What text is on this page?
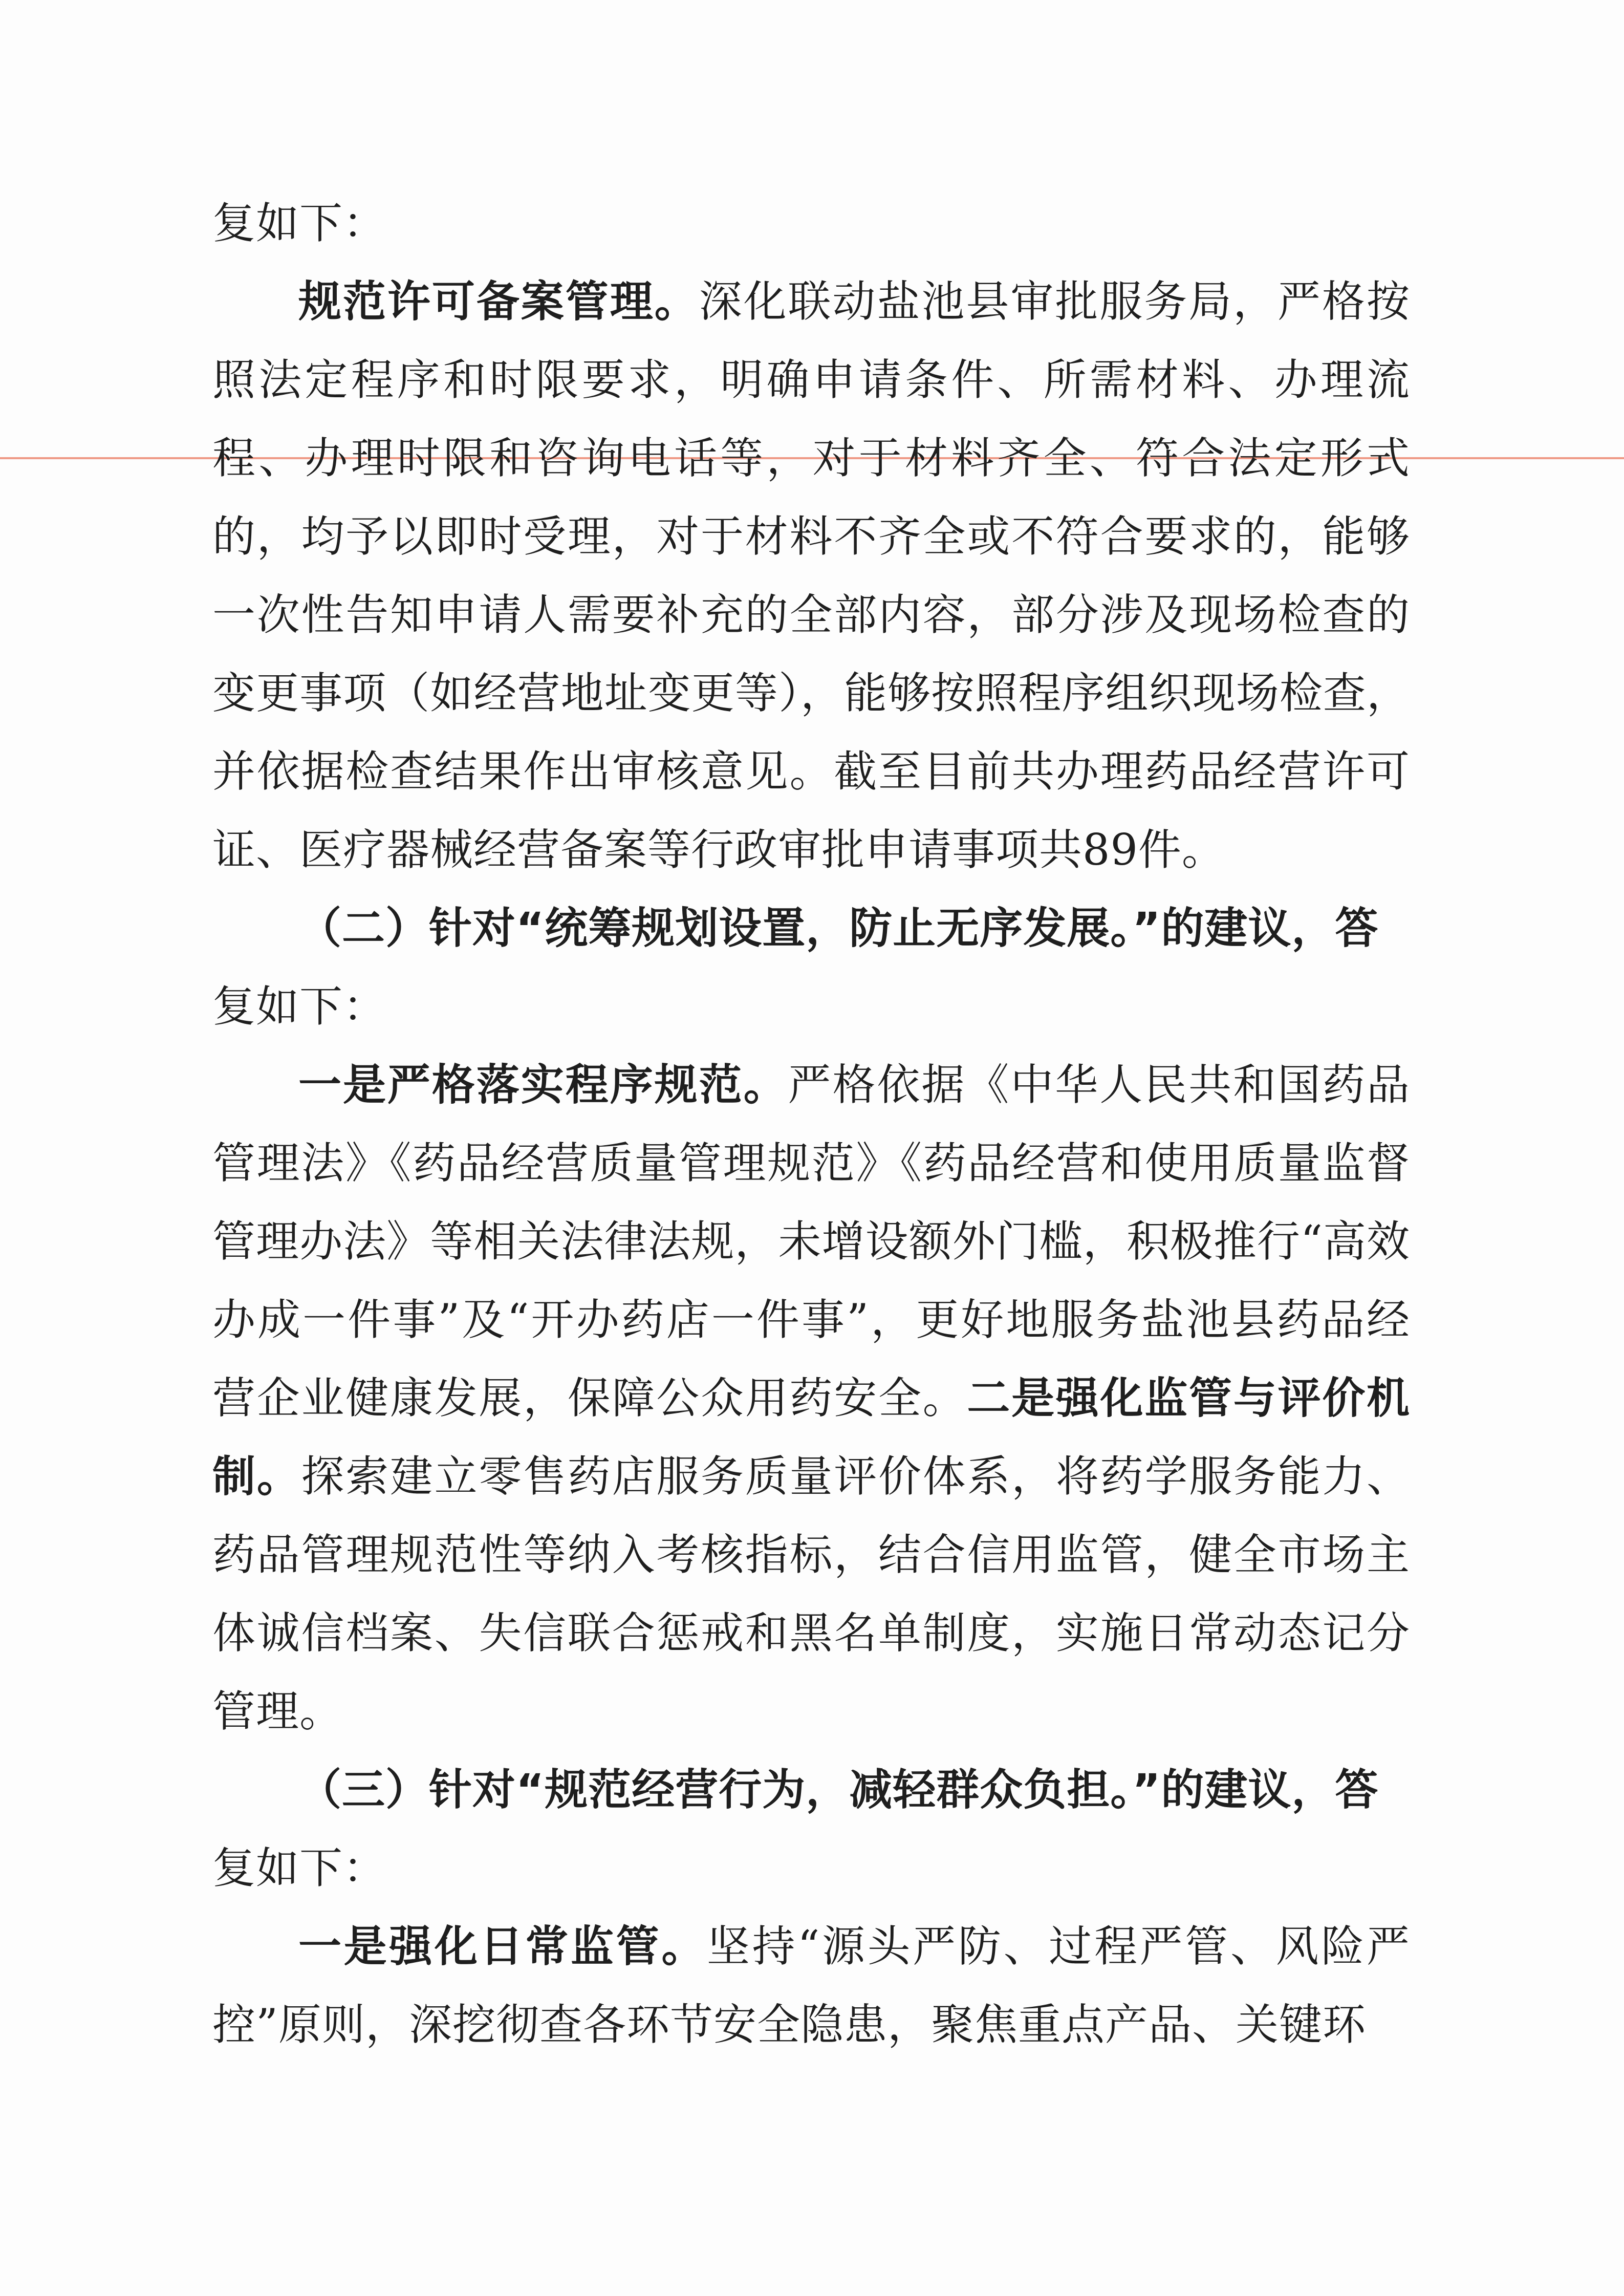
复如下：

规范许可备案管理。深化联动盐池县审批服务局，严格按照法定程序和时限要求，明确申请条件、所需材料、办理流程、办理时限和咨询电话等，对于材料齐全、符合法定形式的，均予以即时受理，对于材料不齐全或不符合要求的，能够一次性告知申请人需要补充的全部内容，部分涉及现场检查的变更事项（如经营地址变更等），能够按照程序组织现场检查，并依据检查结果作出审核意见。截至目前共办理药品经营许可证、医疗器械经营备案等行政审批申请事项共89件。

（二）针对“统筹规划设置，防止无序发展。”的建议，答

复如下：

一是严格落实程序规范。严格依据《中华人民共和国药品管理法》《药品经营质量管理规范》《药品经营和使用质量监督管理办法》等相关法律法规，未增设额外门槛，积极推行“高效办成一件事”及“开办药店一件事”，更好地服务盐池县药品经营企业健康发展，保障公众用药安全。二是强化监管与评价机制。探索建立零售药店服务质量评价体系，将药学服务能力、药品管理规范性等纳入考核指标，结合信用监管，健全市场主体诚信档案、失信联合惩戒和黑名单制度，实施日常动态记分管理。

（三）针对“规范经营行为，减轻群众负担。”的建议，答

复如下：

一是强化日常监管。坚持“源头严防、过程严管、风险严控”原则，深挖彻查各环节安全隐患，聚焦重点产品、关键环
